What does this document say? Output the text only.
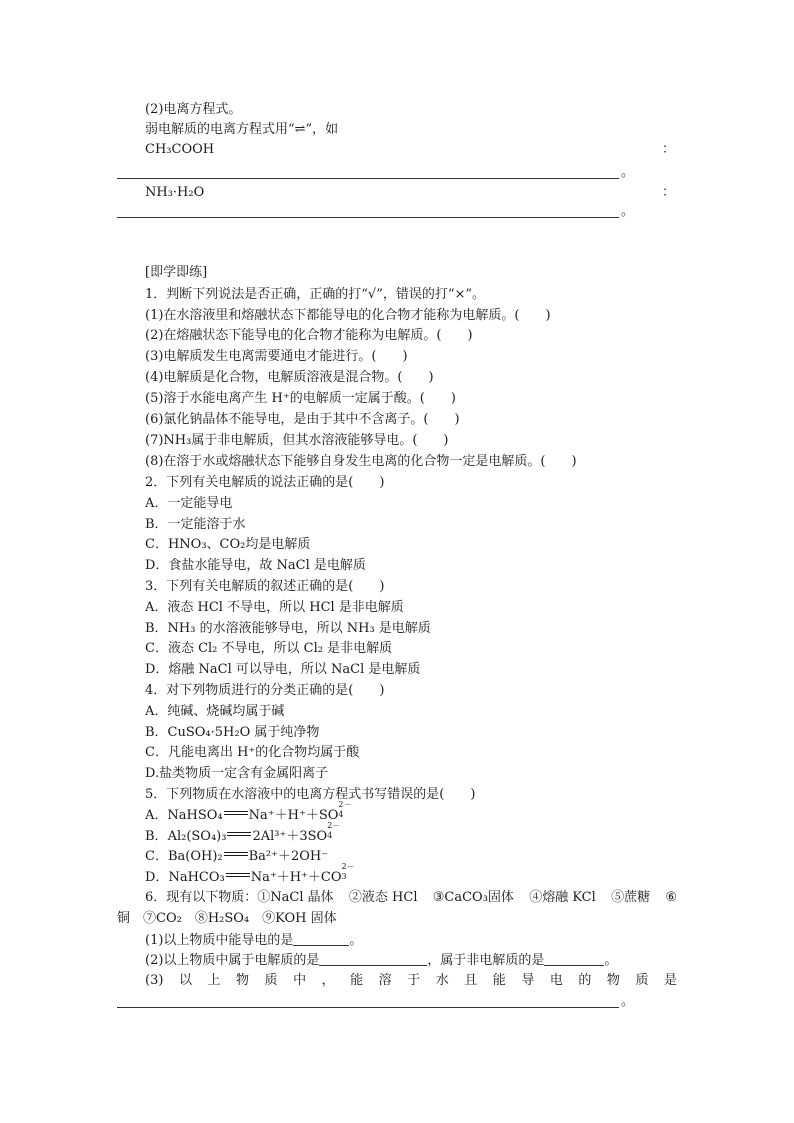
(2)电离方程式。
弱电解质的电离方程式用“⇌”，如
CH₃COOH	：
。
NH₃·H₂O	：
。
[即学即练]
1．判断下列说法是否正确，正确的打“√”，错误的打“×”。
(1)在水溶液里和熔融状态下都能导电的化合物才能称为电解质。(　　)
(2)在熔融状态下能导电的化合物才能称为电解质。(　　)
(3)电解质发生电离需要通电才能进行。(　　)
(4)电解质是化合物，电解质溶液是混合物。(　　)
(5)溶于水能电离产生 H⁺的电解质一定属于酸。(　　)
(6)氯化钠晶体不能导电，是由于其中不含离子。(　　)
(7)NH₃属于非电解质，但其水溶液能够导电。(　　)
(8)在溶于水或熔融状态下能够自身发生电离的化合物一定是电解质。(　　)
2．下列有关电解质的说法正确的是(　　)
A．一定能导电
B．一定能溶于水
C．HNO₃、CO₂均是电解质
D．食盐水能导电，故 NaCl 是电解质
3．下列有关电解质的叙述正确的是(　　)
A．液态 HCl 不导电，所以 HCl 是非电解质
B．NH₃ 的水溶液能够导电，所以 NH₃ 是电解质
C．液态 Cl₂ 不导电，所以 Cl₂ 是非电解质
D．熔融 NaCl 可以导电，所以 NaCl 是电解质
4．对下列物质进行的分类正确的是(　　)
A．纯碱、烧碱均属于碱
B．CuSO₄·5H₂O 属于纯净物
C．凡能电离出 H⁺的化合物均属于酸
D.盐类物质一定含有金属阳离子
5．下列物质在水溶液中的电离方程式书写错误的是(　　)
A．NaHSO₄ Na⁺＋H⁺＋SO
2－
4
B．Al₂(SO₄)₃ 2Al³⁺＋3SO
2－
4
C．Ba(OH)₂ Ba²⁺＋2OH⁻
D．NaHCO₃ Na⁺＋H⁺＋CO
2－
3
6．现有以下物质：①NaCl 晶体 ②液态 HCl ③CaCO₃固体 ④熔融 KCl ⑤蔗糖 ⑥
铜　⑦CO₂　⑧H₂SO₄　⑨KOH 固体
(1)以上物质中能导电的是	。
(2)以上物质中属于电解质的是	，属于非电解质的是	。
(3) 以 上 物 质 中 ， 能 溶 于 水 且 能 导 电 的 物 质 是
。
